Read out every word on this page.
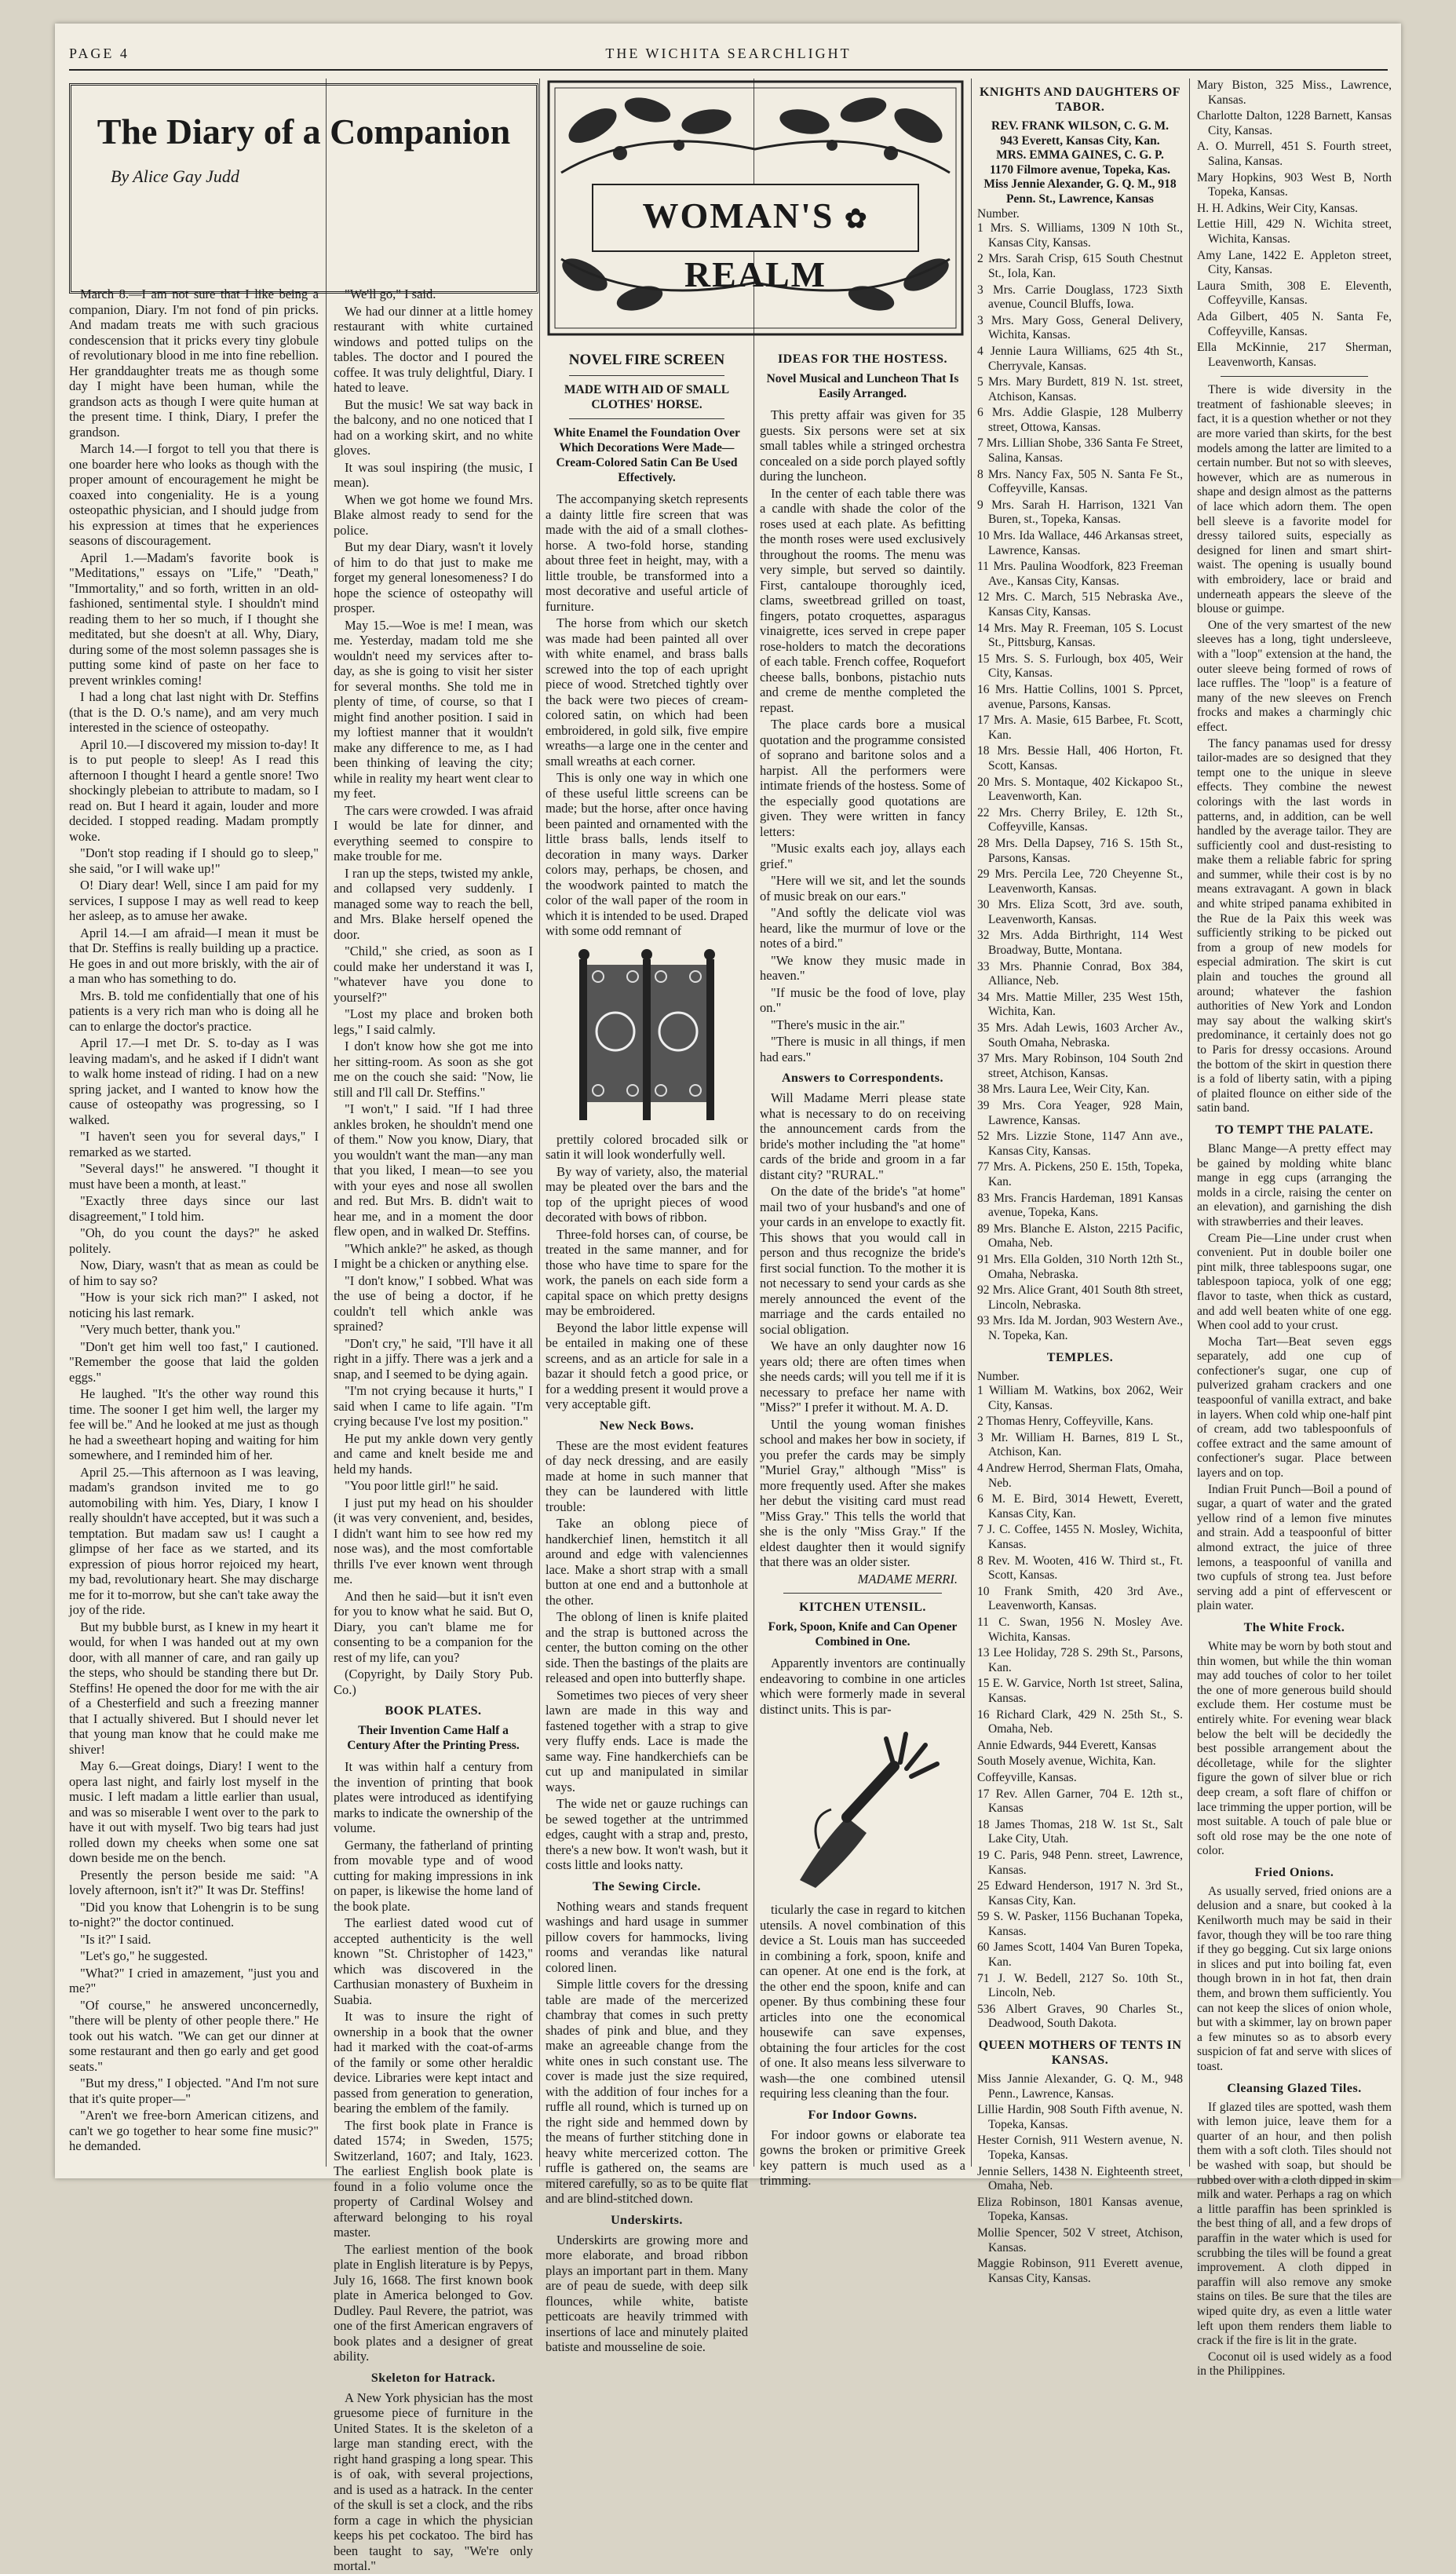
PAGE 4	THE WICHITA SEARCHLIGHT
The Diary of a Companion
By Alice Gay Judd

March 8.—I am not sure that I like being a companion, Diary. I'm not fond of pin pricks. And madam treats me with such gracious condescension that it pricks every tiny globule of revolutionary blood in me into fine rebellion. Her granddaughter treats me as though some day I might have been human, while the grandson acts as though I were quite human at the present time. I think, Diary, I prefer the grandson.

March 14.—I forgot to tell you that there is one boarder here who looks as though with the proper amount of encouragement he might be coaxed into congeniality. He is a young osteopathic physician, and I should judge from his expression at times that he experiences seasons of discouragement.

April 1.—Madam's favorite book is "Meditations," essays on "Life," "Death," "Immortality," and so forth, written in an old-fashioned, sentimental style. I shouldn't mind reading them to her so much, if I thought she meditated, but she doesn't at all. Why, Diary, during some of the most solemn passages she is putting some kind of paste on her face to prevent wrinkles coming!

I had a long chat last night with Dr. Steffins (that is the D. O.'s name), and am very much interested in the science of osteopathy.

April 10.—I discovered my mission to-day! It is to put people to sleep! As I read this afternoon I thought I heard a gentle snore! Two shockingly plebeian to attribute to madam, so I read on. But I heard it again, louder and more decided. I stopped reading. Madam promptly woke.

"Don't stop reading if I should go to sleep," she said, "or I will wake up!"

O! Diary dear! Well, since I am paid for my services, I suppose I may as well read to keep her asleep, as to amuse her awake.

April 14.—I am afraid—I mean it must be that Dr. Steffins is really building up a practice. He goes in and out more briskly, with the air of a man who has something to do.

Mrs. B. told me confidentially that one of his patients is a very rich man who is doing all he can to enlarge the doctor's practice.

April 17.—I met Dr. S. to-day as I was leaving madam's, and he asked if I didn't want to walk home instead of riding. I had on a new spring jacket, and I wanted to know how the cause of osteopathy was progressing, so I walked.

"I haven't seen you for several days," I remarked as we started.

"Several days!" he answered. "I thought it must have been a month, at least."

"Exactly three days since our last disagreement," I told him.

"Oh, do you count the days?" he asked politely.

Now, Diary, wasn't that as mean as could be of him to say so?

"How is your sick rich man?" I asked, not noticing his last remark.

"Very much better, thank you."

"Don't get him well too fast," I cautioned. "Remember the goose that laid the golden eggs."

He laughed. "It's the other way round this time. The sooner I get him well, the larger my fee will be." And he looked at me just as though he had a sweetheart hoping and waiting for him somewhere, and I reminded him of her.

April 25.—This afternoon as I was leaving, madam's grandson invited me to go automobiling with him. Yes, Diary, I know I really shouldn't have accepted, but it was such a temptation. But madam saw us! I caught a glimpse of her face as we started, and its expression of pious horror rejoiced my heart, my bad, revolutionary heart. She may discharge me for it to-morrow, but she can't take away the joy of the ride.

But my bubble burst, as I knew in my heart it would, for when I was handed out at my own door, with all manner of care, and ran gaily up the steps, who should be standing there but Dr. Steffins! He opened the door for me with the air of a Chesterfield and such a freezing manner that I actually shivered. But I should never let that young man know that he could make me shiver!

May 6.—Great doings, Diary! I went to the opera last night, and fairly lost myself in the music. I left madam a little earlier than usual, and was so miserable I went over to the park to have it out with myself. Two big tears had just rolled down my cheeks when some one sat down beside me on the bench.

Presently the person beside me said: "A lovely afternoon, isn't it?" It was Dr. Steffins!

"Did you know that Lohengrin is to be sung to-night?" the doctor continued.

"Is it?" I said.

"Let's go," he suggested.

"What?" I cried in amazement, "just you and me?"

"Of course," he answered unconcernedly, "there will be plenty of other people there." He took out his watch. "We can get our dinner at some restaurant and then go early and get good seats."

"But my dress," I objected. "And I'm not sure that it's quite proper—"

"Aren't we free-born American citizens, and can't we go together to hear some fine music?" he demanded.

"We'll go," I said.

We had our dinner at a little homey restaurant with white curtained windows and potted tulips on the tables. The doctor and I poured the coffee. It was truly delightful, Diary. I hated to leave.

But the music! We sat way back in the balcony, and no one noticed that I had on a working skirt, and no white gloves.

It was soul inspiring (the music, I mean).

When we got home we found Mrs. Blake almost ready to send for the police.

But my dear Diary, wasn't it lovely of him to do that just to make me forget my general lonesomeness? I do hope the science of osteopathy will prosper.

May 15.—Woe is me! I mean, was me. Yesterday, madam told me she wouldn't need my services after to-day, as she is going to visit her sister for several months. She told me in plenty of time, of course, so that I might find another position. I said in my loftiest manner that it wouldn't make any difference to me, as I had been thinking of leaving the city; while in reality my heart went clear to my feet.

The cars were crowded. I was afraid I would be late for dinner, and everything seemed to conspire to make trouble for me.

I ran up the steps, twisted my ankle, and collapsed very suddenly. I managed some way to reach the bell, and Mrs. Blake herself opened the door.

"Child," she cried, as soon as I could make her understand it was I, "whatever have you done to yourself?"

"Lost my place and broken both legs," I said calmly.

I don't know how she got me into her sitting-room. As soon as she got me on the couch she said: "Now, lie still and I'll call Dr. Steffins."

"I won't," I said. "If I had three ankles broken, he shouldn't mend one of them." Now you know, Diary, that you wouldn't want the man—any man that you liked, I mean—to see you with your eyes and nose all swollen and red. But Mrs. B. didn't wait to hear me, and in a moment the door flew open, and in walked Dr. Steffins.

"Which ankle?" he asked, as though I might be a chicken or anything else.

"I don't know," I sobbed. What was the use of being a doctor, if he couldn't tell which ankle was sprained?

"Don't cry," he said, "I'll have it all right in a jiffy. There was a jerk and a snap, and I seemed to be dying again.

"I'm not crying because it hurts," I said when I came to life again. "I'm crying because I've lost my position."

He put my ankle down very gently and came and knelt beside me and held my hands.

"You poor little girl!" he said.

I just put my head on his shoulder (it was very convenient, and, besides, I didn't want him to see how red my nose was), and the most comfortable thrills I've ever known went through me.

And then he said—but it isn't even for you to know what he said. But O, Diary, you can't blame me for consenting to be a companion for the rest of my life, can you?

(Copyright, by Daily Story Pub. Co.)

BOOK PLATES.
Their Invention Came Half a Century After the Printing Press.

It was within half a century from the invention of printing that book plates were introduced as identifying marks to indicate the ownership of the volume.

Germany, the fatherland of printing from movable type and of wood cutting for making impressions in ink on paper, is likewise the home land of the book plate.

The earliest dated wood cut of accepted authenticity is the well known "St. Christopher of 1423," which was discovered in the Carthusian monastery of Buxheim in Suabia.

It was to insure the right of ownership in a book that the owner had it marked with the coat-of-arms of the family or some other heraldic device. Libraries were kept intact and passed from generation to generation, bearing the emblem of the family.

The first book plate in France is dated 1574; in Sweden, 1575; Switzerland, 1607; and Italy, 1623. The earliest English book plate is found in a folio volume once the property of Cardinal Wolsey and afterward belonging to his royal master.

The earliest mention of the book plate in English literature is by Pepys, July 16, 1668. The first known book plate in America belonged to Gov. Dudley. Paul Revere, the patriot, was one of the first American engravers of book plates and a designer of great ability.

Skeleton for Hatrack.

A New York physician has the most gruesome piece of furniture in the United States. It is the skeleton of a large man standing erect, with the right hand grasping a long spear. This is of oak, with several projections, and is used as a hatrack. In the center of the skull is set a clock, and the ribs form a cage in which the physician keeps his pet cockatoo. The bird has been taught to say, "We're only mortal."

WOMAN'S ✿ REALM
NOVEL FIRE SCREEN
MADE WITH AID OF SMALL CLOTHES' HORSE.
White Enamel the Foundation Over Which Decorations Were Made—Cream-Colored Satin Can Be Used Effectively.

The accompanying sketch represents a dainty little fire screen that was made with the aid of a small clothes-horse. A two-fold horse, standing about three feet in height, may, with a little trouble, be transformed into a most decorative and useful article of furniture.

The horse from which our sketch was made had been painted all over with white enamel, and brass balls screwed into the top of each upright piece of wood. Stretched tightly over the back were two pieces of cream-colored satin, on which had been embroidered, in gold silk, five empire wreaths—a large one in the center and small wreaths at each corner.

This is only one way in which one of these useful little screens can be made; but the horse, after once having been painted and ornamented with the little brass balls, lends itself to decoration in many ways. Darker colors may, perhaps, be chosen, and the woodwork painted to match the color of the wall paper of the room in which it is intended to be used. Draped with some odd remnant of

prettily colored brocaded silk or satin it will look wonderfully well.

By way of variety, also, the material may be pleated over the bars and the top of the upright pieces of wood decorated with bows of ribbon.

Three-fold horses can, of course, be treated in the same manner, and for those who have time to spare for the work, the panels on each side form a capital space on which pretty designs may be embroidered.

Beyond the labor little expense will be entailed in making one of these screens, and as an article for sale in a bazar it should fetch a good price, or for a wedding present it would prove a very acceptable gift.

New Neck Bows.

These are the most evident features of day neck dressing, and are easily made at home in such manner that they can be laundered with little trouble:

Take an oblong piece of handkerchief linen, hemstitch it all around and edge with valenciennes lace. Make a short strap with a small button at one end and a buttonhole at the other.

The oblong of linen is knife plaited and the strap is buttoned across the center, the button coming on the other side. Then the bastings of the plaits are released and open into butterfly shape.

Sometimes two pieces of very sheer lawn are made in this way and fastened together with a strap to give very fluffy ends. Lace is made the same way. Fine handkerchiefs can be cut up and manipulated in similar ways.

The wide net or gauze ruchings can be sewed together at the untrimmed edges, caught with a strap and, presto, there's a new bow. It won't wash, but it costs little and looks natty.

The Sewing Circle.

Nothing wears and stands frequent washings and hard usage in summer pillow covers for hammocks, living rooms and verandas like natural colored linen.

Simple little covers for the dressing table are made of the mercerized chambray that comes in such pretty shades of pink and blue, and they make an agreeable change from the white ones in such constant use. The cover is made just the size required, with the addition of four inches for a ruffle all round, which is turned up on the right side and hemmed down by the means of further stitching done in heavy white mercerized cotton. The ruffle is gathered on, the seams are mitered carefully, so as to be quite flat and are blind-stitched down.

Underskirts.

Underskirts are growing more and more elaborate, and broad ribbon plays an important part in them. Many are of peau de suede, with deep silk flounces, while white, batiste petticoats are heavily trimmed with insertions of lace and minutely plaited batiste and mousseline de soie.

IDEAS FOR THE HOSTESS.
Novel Musical and Luncheon That Is Easily Arranged.

This pretty affair was given for 35 guests. Six persons were set at six small tables while a stringed orchestra concealed on a side porch played softly during the luncheon.

In the center of each table there was a candle with shade the color of the roses used at each plate. As befitting the month roses were used exclusively throughout the rooms. The menu was very simple, but served so daintily. First, cantaloupe thoroughly iced, clams, sweetbread grilled on toast, fingers, potato croquettes, asparagus vinaigrette, ices served in crepe paper rose-holders to match the decorations of each table. French coffee, Roquefort cheese balls, bonbons, pistachio nuts and creme de menthe completed the repast.

The place cards bore a musical quotation and the programme consisted of soprano and baritone solos and a harpist. All the performers were intimate friends of the hostess. Some of the especially good quotations are given. They were written in fancy letters:

"Music exalts each joy, allays each grief."

"Here will we sit, and let the sounds of music break on our ears."

"And softly the delicate viol was heard, like the murmur of love or the notes of a bird."

"We know they music made in heaven."

"If music be the food of love, play on."

"There's music in the air."

"There is music in all things, if men had ears."

Answers to Correspondents.

Will Madame Merri please state what is necessary to do on receiving the announcement cards from the bride's mother including the "at home" cards of the bride and groom in a far distant city? "RURAL."

On the date of the bride's "at home" mail two of your husband's and one of your cards in an envelope to exactly fit. This shows that you would call in person and thus recognize the bride's first social function. To the mother it is not necessary to send your cards as she merely announced the event of the marriage and the cards entailed no social obligation.

We have an only daughter now 16 years old; there are often times when she needs cards; will you tell me if it is necessary to preface her name with "Miss?" I prefer it without. M. A. D.

Until the young woman finishes school and makes her bow in society, if you prefer the cards may be simply "Muriel Gray," although "Miss" is more frequently used. After she makes her debut the visiting card must read "Miss Gray." This tells the world that she is the only "Miss Gray." If the eldest daughter then it would signify that there was an older sister.

MADAME MERRI.
KITCHEN UTENSIL.
Fork, Spoon, Knife and Can Opener Combined in One.

Apparently inventors are continually endeavoring to combine in one articles which were formerly made in several distinct units. This is par-

ticularly the case in regard to kitchen utensils. A novel combination of this device a St. Louis man has succeeded in combining a fork, spoon, knife and can opener. At one end is the fork, at the other end the spoon, knife and can opener. By thus combining these four articles into one the economical housewife can save expenses, obtaining the four articles for the cost of one. It also means less silverware to wash—the one combined utensil requiring less cleaning than the four.

For Indoor Gowns.

For indoor gowns or elaborate tea gowns the broken or primitive Greek key pattern is much used as a trimming.

KNIGHTS AND DAUGHTERS OF TABOR.
REV. FRANK WILSON, C. G. M.
943 Everett, Kansas City, Kan.
MRS. EMMA GAINES, C. G. P.
1170 Filmore avenue, Topeka, Kas.
Miss Jennie Alexander, G. Q. M., 918 Penn. St., Lawrence, Kansas
Number.

1 Mrs. S. Williams, 1309 N 10th St., Kansas City, Kansas.

2 Mrs. Sarah Crisp, 615 South Chestnut St., Iola, Kan.

3 Mrs. Carrie Douglass, 1723 Sixth avenue, Council Bluffs, Iowa.

3 Mrs. Mary Goss, General Delivery, Wichita, Kansas.

4 Jennie Laura Williams, 625 4th St., Cherryvale, Kansas.

5 Mrs. Mary Burdett, 819 N. 1st. street, Atchison, Kansas.

6 Mrs. Addie Glaspie, 128 Mulberry street, Ottowa, Kansas.

7 Mrs. Lillian Shobe, 336 Santa Fe Street, Salina, Kansas.

8 Mrs. Nancy Fax, 505 N. Santa Fe St., Coffeyville, Kansas.

9 Mrs. Sarah H. Harrison, 1321 Van Buren, st., Topeka, Kansas.

10 Mrs. Ida Wallace, 446 Arkansas street, Lawrence, Kansas.

11 Mrs. Paulina Woodfork, 823 Freeman Ave., Kansas City, Kansas.

12 Mrs. C. March, 515 Nebraska Ave., Kansas City, Kansas.

14 Mrs. May R. Freeman, 105 S. Locust St., Pittsburg, Kansas.

15 Mrs. S. S. Furlough, box 405, Weir City, Kansas.

16 Mrs. Hattie Collins, 1001 S. Pprcet, avenue, Parsons, Kansas.

17 Mrs. A. Masie, 615 Barbee, Ft. Scott, Kan.

18 Mrs. Bessie Hall, 406 Horton, Ft. Scott, Kansas.

20 Mrs. S. Montaque, 402 Kickapoo St., Leavenworth, Kan.

22 Mrs. Cherry Briley, E. 12th St., Coffeyville, Kansas.

28 Mrs. Della Dapsey, 716 S. 15th St., Parsons, Kansas.

29 Mrs. Percila Lee, 720 Cheyenne St., Leavenworth, Kansas.

30 Mrs. Eliza Scott, 3rd ave. south, Leavenworth, Kansas.

32 Mrs. Adda Birthright, 114 West Broadway, Butte, Montana.

33 Mrs. Phannie Conrad, Box 384, Alliance, Neb.

34 Mrs. Mattie Miller, 235 West 15th, Wichita, Kan.

35 Mrs. Adah Lewis, 1603 Archer Av., South Omaha, Nebraska.

37 Mrs. Mary Robinson, 104 South 2nd street, Atchison, Kansas.

38 Mrs. Laura Lee, Weir City, Kan.

39 Mrs. Cora Yeager, 928 Main, Lawrence, Kansas.

52 Mrs. Lizzie Stone, 1147 Ann ave., Kansas City, Kansas.

77 Mrs. A. Pickens, 250 E. 15th, Topeka, Kan.

83 Mrs. Francis Hardeman, 1891 Kansas avenue, Topeka, Kans.

89 Mrs. Blanche E. Alston, 2215 Pacific, Omaha, Neb.

91 Mrs. Ella Golden, 310 North 12th St., Omaha, Nebraska.

92 Mrs. Alice Grant, 401 South 8th street, Lincoln, Nebraska.

93 Mrs. Ida M. Jordan, 903 Western Ave., N. Topeka, Kan.

TEMPLES.
Number.

1 William M. Watkins, box 2062, Weir City, Kansas.

2 Thomas Henry, Coffeyville, Kans.

3 Mr. William H. Barnes, 819 L St., Atchison, Kan.

4 Andrew Herrod, Sherman Flats, Omaha, Neb.

6 M. E. Bird, 3014 Hewett, Everett, Kansas City, Kan.

7 J. C. Coffee, 1455 N. Mosley, Wichita, Kansas.

8 Rev. M. Wooten, 416 W. Third st., Ft. Scott, Kansas.

10 Frank Smith, 420 3rd Ave., Leavenworth, Kansas.

11 C. Swan, 1956 N. Mosley Ave. Wichita, Kansas.

13 Lee Holiday, 728 S. 29th St., Parsons, Kan.

15 E. W. Garvice, North 1st street, Salina, Kansas.

16 Richard Clark, 429 N. 25th St., S. Omaha, Neb.

Annie Edwards, 944 Everett, Kansas

South Mosely avenue, Wichita, Kan.

Coffeyville, Kansas.

17 Rev. Allen Garner, 704 E. 12th st., Kansas

18 James Thomas, 218 W. 1st St., Salt Lake City, Utah.

19 C. Paris, 948 Penn. street, Lawrence, Kansas.

25 Edward Henderson, 1917 N. 3rd St., Kansas City, Kan.

59 S. W. Pasker, 1156 Buchanan Topeka, Kansas.

60 James Scott, 1404 Van Buren Topeka, Kan.

71 J. W. Bedell, 2127 So. 10th St., Lincoln, Neb.

536 Albert Graves, 90 Charles St., Deadwood, South Dakota.

QUEEN MOTHERS OF TENTS IN KANSAS.

Miss Jannie Alexander, G. Q. M., 948 Penn., Lawrence, Kansas.

Lillie Hardin, 908 South Fifth avenue, N. Topeka, Kansas.

Hester Cornish, 911 Western avenue, N. Topeka, Kansas.

Jennie Sellers, 1438 N. Eighteenth street, Omaha, Neb.

Eliza Robinson, 1801 Kansas avenue, Topeka, Kansas.

Mollie Spencer, 502 V street, Atchison, Kansas.

Maggie Robinson, 911 Everett avenue, Kansas City, Kansas.

Mary Biston, 325 Miss., Lawrence, Kansas.

Charlotte Dalton, 1228 Barnett, Kansas City, Kansas.

A. O. Murrell, 451 S. Fourth street, Salina, Kansas.

Mary Hopkins, 903 West B, North Topeka, Kansas.

H. H. Adkins, Weir City, Kansas.

Lettie Hill, 429 N. Wichita street, Wichita, Kansas.

Amy Lane, 1422 E. Appleton street, City, Kansas.

Laura Smith, 308 E. Eleventh, Coffeyville, Kansas.

Ada Gilbert, 405 N. Santa Fe, Coffeyville, Kansas.

Ella McKinnie, 217 Sherman, Leavenworth, Kansas.

There is wide diversity in the treatment of fashionable sleeves; in fact, it is a question whether or not they are more varied than skirts, for the best models among the latter are limited to a certain number. But not so with sleeves, however, which are as numerous in shape and design almost as the patterns of lace which adorn them. The open bell sleeve is a favorite model for dressy tailored suits, especially as designed for linen and smart shirt-waist. The opening is usually bound with embroidery, lace or braid and underneath appears the sleeve of the blouse or guimpe.

One of the very smartest of the new sleeves has a long, tight undersleeve, with a "loop" extension at the hand, the outer sleeve being formed of rows of lace ruffles. The "loop" is a feature of many of the new sleeves on French frocks and makes a charmingly chic effect.

The fancy panamas used for dressy tailor-mades are so designed that they tempt one to the unique in sleeve effects. They combine the newest colorings with the last words in patterns, and, in addition, can be well handled by the average tailor. They are sufficiently cool and dust-resisting to make them a reliable fabric for spring and summer, while their cost is by no means extravagant. A gown in black and white striped panama exhibited in the Rue de la Paix this week was sufficiently striking to be picked out from a group of new models for especial admiration. The skirt is cut plain and touches the ground all around; whatever the fashion authorities of New York and London may say about the walking skirt's predominance, it certainly does not go to Paris for dressy occasions. Around the bottom of the skirt in question there is a fold of liberty satin, with a piping of plaited flounce on either side of the satin band.

TO TEMPT THE PALATE.

Blanc Mange—A pretty effect may be gained by molding white blanc mange in egg cups (arranging the molds in a circle, raising the center on an elevation), and garnishing the dish with strawberries and their leaves.

Cream Pie—Line under crust when convenient. Put in double boiler one pint milk, three tablespoons sugar, one tablespoon tapioca, yolk of one egg; flavor to taste, when thick as custard, and add well beaten white of one egg. When cool add to your crust.

Mocha Tart—Beat seven eggs separately, add one cup of confectioner's sugar, one cup of pulverized graham crackers and one teaspoonful of vanilla extract, and bake in layers. When cold whip one-half pint of cream, add two tablespoonfuls of coffee extract and the same amount of confectioner's sugar. Place between layers and on top.

Indian Fruit Punch—Boil a pound of sugar, a quart of water and the grated yellow rind of a lemon five minutes and strain. Add a teaspoonful of bitter almond extract, the juice of three lemons, a teaspoonful of vanilla and two cupfuls of strong tea. Just before serving add a pint of effervescent or plain water.

The White Frock.

White may be worn by both stout and thin women, but while the thin woman may add touches of color to her toilet the one of more generous build should exclude them. Her costume must be entirely white. For evening wear black below the belt will be decidedly the best possible arrangement about the décolletage, while for the slighter figure the gown of silver blue or rich deep cream, a soft flare of chiffon or lace trimming the upper portion, will be most suitable. A touch of pale blue or soft old rose may be the one note of color.

Fried Onions.

As usually served, fried onions are a delusion and a snare, but cooked à la Kenilworth much may be said in their favor, though they will be too rare thing if they go begging. Cut six large onions in slices and put into boiling fat, even though brown in in hot fat, then drain them, and brown them sufficiently. You can not keep the slices of onion whole, but with a skimmer, lay on brown paper a few minutes so as to absorb every suspicion of fat and serve with slices of toast.

Cleansing Glazed Tiles.

If glazed tiles are spotted, wash them with lemon juice, leave them for a quarter of an hour, and then polish them with a soft cloth. Tiles should not be washed with soap, but should be rubbed over with a cloth dipped in skim milk and water. Perhaps a rag on which a little paraffin has been sprinkled is the best thing of all, and a few drops of paraffin in the water which is used for scrubbing the tiles will be found a great improvement. A cloth dipped in paraffin will also remove any smoke stains on tiles. Be sure that the tiles are wiped quite dry, as even a little water left upon them renders them liable to crack if the fire is lit in the grate.

Coconut oil is used widely as a food in the Philippines.
